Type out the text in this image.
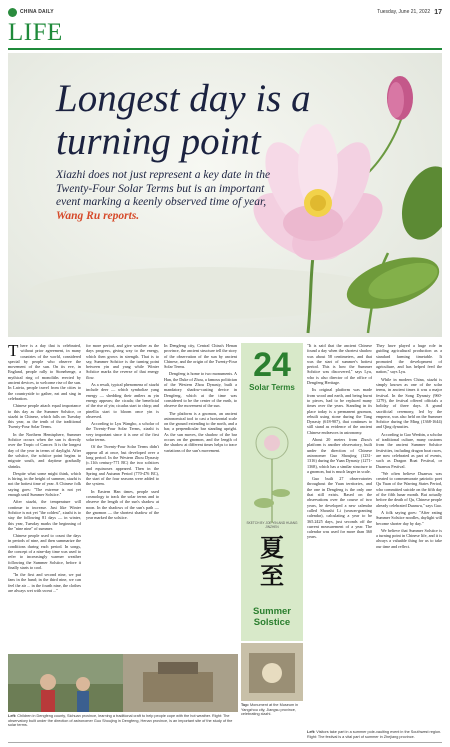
CHINA DAILY	Tuesday, June 21, 2022 17
LIFE
Longest day is a
turning point
Xiazhi does not just represent a key date in the Twenty-Four Solar Terms but is an important event marking a keenly observed time of year, Wang Ru reports.

There is a day that is celebrated, without prior agreement, in many countries of the world, considered special by people who observe the movement of the sun. On its eve, in England, people rally to Stonehenge, a mythical ring of monoliths erected by ancient devices, to welcome rise of the sun. In Latvia, people travel from the cities to the countryside to gather, eat and sing in celebration.

Chinese people attach equal importance to this day as the Summer Solstice, or xiazhi in Chinese, which falls on Tuesday this year, as the tenth of the traditional Twenty-Four Solar Terms.

In the Northern Hemisphere, Summer Solstice occurs when the sun is directly over the Tropic of Cancer. It is the longest day of the year in terms of daylight. After the solstice, the solstice point begins to migrate south, and daytime gradually shrinks.

Despite what some might think, which is hiring, in the height of summer, xiazhi is not the hottest time of year. A Chinese folk saying goes: "The extreme is not yet enough until Summer Solstice."

After xiazhi, the temperature will continue to increase. Just like Winter Solstice is not yet "the coldest", xiazhi is to stay the following 81 days — in winter, this year, Tuesday marks the beginning of the "nine nine" of summer.

Chinese people used to count the days in periods of nine, and then summarize the conditions during each period. In songs, the concept of a nine-day time was used to refer to increasingly warmer weather following the Summer Solstice, before it finally starts to cool.

"In the first and second nine, we put fans in the hand; in the third nine, we can feel the air ... in the fourth nine, the clothes are always wet with sweat ..."

for more period, and give weather as the days progress, giving way to the energy, which then grows in strength. That is to say, Summer Solstice is the turning point between yin and yang while Winter Solstice marks the reverse of that energy flow.

As a result, typical phenomena of xiazhi include deer — which symbolize yang energy — shedding their antlers as yin energy appears; the cicada; the beneficial of the rise of yin; cicadas start to chirp; and pinellia start to bloom once yin is observed.

According to Lyu Wangbo, a scholar of the Twenty-Four Solar Terms, xiazhi is very important since it is one of the first solar terms.

Of the Twenty-Four Solar Terms didn't appear all at once, but developed over a long period. In the Western Zhou Dynasty (c.11th century-771 BC) the two solstices and equinoxes appeared. Then in the Spring and Autumn Period (770-476 BC), the start of the four seasons were added to the system.

In Eastern Han times, people used cosmology to track the solar terms and to observe the length of the sun's shadow at noon. In the shadows of the sun's path — the gnomon — the shortest shadow of the year marked the solstice.

In Dengfeng city, Central China's Henan province, the ancient structure tell the story of the observation of the sun by ancient Chinese, and the origin of the Twenty-Four Solar Terms.

Dengfeng is home to two monuments. A Han, the Duke of Zhou, a famous politician of the Western Zhou Dynasty, built a mandatory shadow-casting device in Dengfeng, which at the time was considered to be the center of the earth, to observe the movement of the sun.

The platform is a gnomon, an ancient astronomical tool to cast a horizontal scale on the ground extending to the north, and a bar, a perpendicular bar standing upright. As the sun moves, the shadow of the bar occurs on the gnomon, and the length of the shadow at different times helps to trace variations of the sun's movement.

24
Solar Terms
SKETCH BY JOE YIN AND HUANG JINZHEN
夏至
Summer
Solstice

"It is said that the ancient Chinese found a day when the shortest shadow was about 58 centimeters, and that was the start of summer's hottest period. This is how the Summer Solstice was discovered," says Lyu, who is also director of the office of Dengfeng Heritage.

Its original platform was made from wood and earth, and being burnt to pieces, had to be replaced many times over the years. Standing in its place today is a permanent gnomon, rebuilt using stone during the Tang Dynasty (618-907), that continues to still stand as evidence of the ancient Chinese endeavors in astronomy.

About 20 meters from Zhou's platform is another observatory, built under the direction of Chinese astronomer Guo Shoujing (1231-1316) during the Yuan Dynasty (1271-1368), which has a similar structure to a gnomon, but is much larger in scale.

Guo built 27 observatories throughout the Yuan territories, and the one in Dengfeng is the only one that still exists. Based on the observations over the course of two years, he developed a new calendar called Shoushi Li (season-granting calendar), calculating a year to be 365.2425 days, just seconds off the current measurement of a year. The calendar was used for more than 360 years.

They have played a huge role in guiding agricultural production as a standard farming timetable. It promoted the development of agriculture, and has helped feed the nation," says Lyu.

While in modern China, xiazhi is simply known as one of the solar terms, in ancient times it was a major festival. In the Song Dynasty (960-1279), the festival offered officials a holiday of three days. A grand sacrificial ceremony, led by the emperor, was also held on the Summer Solstice during the Ming (1368-1644) and Qing dynasties.

According to Gao Wenbin, a scholar of traditional culture, many customs from the ancient Summer Solstice festivities, including dragon boat races, are now celebrated as part of events, such as Dragon Boat Festival, or Duanwu Festival.

"We often believe Duanwu was created to commemorate patriotic poet Qu Yuan of the Warring States Period, who committed suicide on the fifth day of the fifth lunar month. But actually before the death of Qu, Chinese people already celebrated Duanwu," says Gao.

A folk saying goes: "After eating Summer Solstice noodles, daylight will become shorter day by day."

We believe that Summer Solstice is a turning point in Chinese life, and it is always a valuable thing for us to take our time and reflect.

Left: Children in Dengfeng county, Sichuan province, learning a traditional craft to help people cope with the hot weather. Right: The observatory built under the direction of astronomer Guo Shoujing in Dengfeng, Henan province, is an important site of the study of the solar terms.
Top: Monument at the Museum in Yangzhou city, Jiangsu province, celebrating xiazhi.
Left: Visitors take part in a summer pole-vaulting event in the Southwest region. Right: The festival is a vital part of summer in Zhejiang province.
